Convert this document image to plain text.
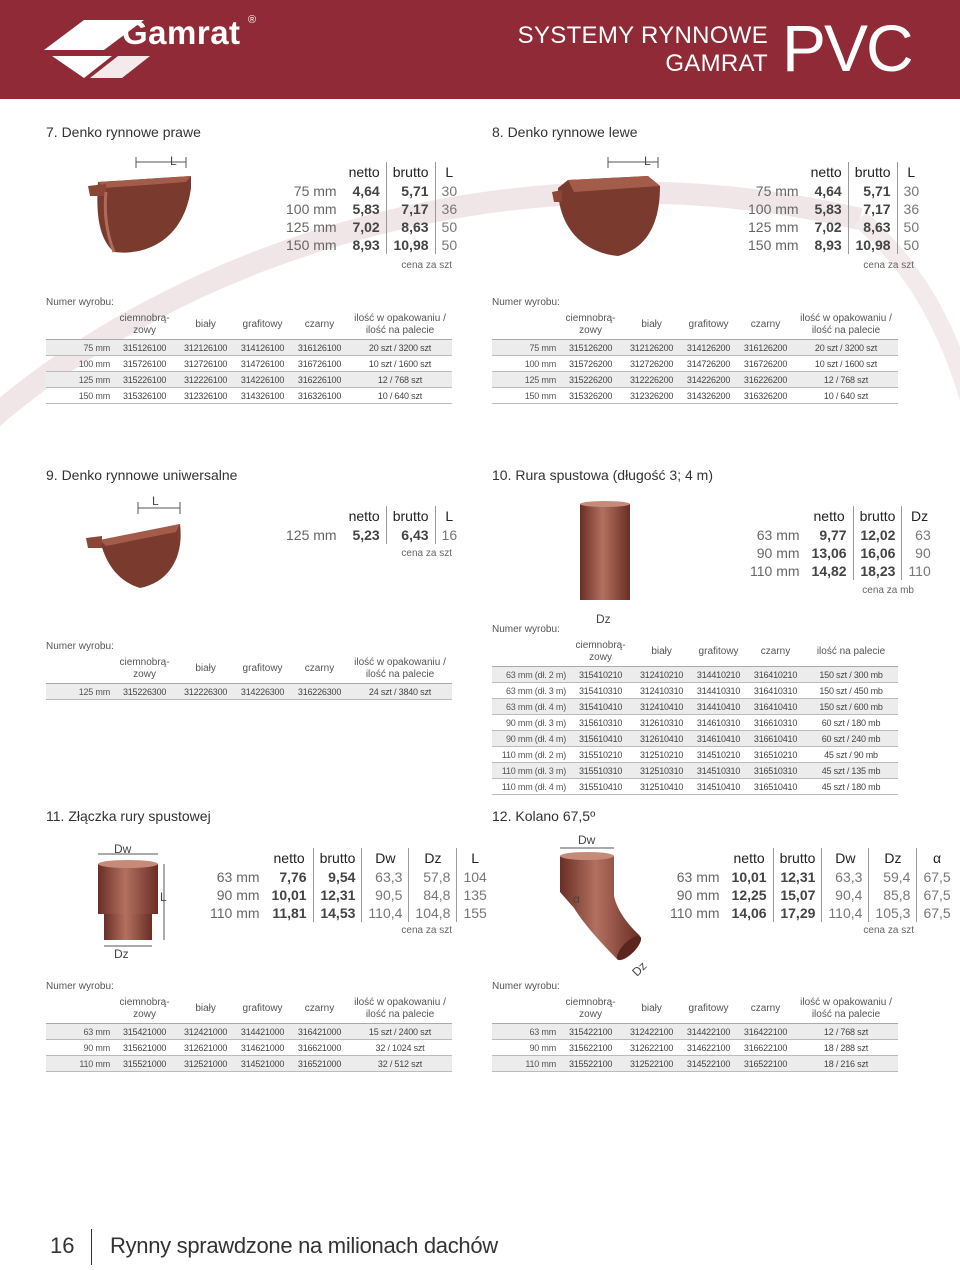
Gamrat ®
SYSTEMY RYNNOWE
GAMRAT PVC
7. Denko rynnowe prawe
L
	netto	brutto	L
75 mm	4,64	5,71	30
100 mm	5,83	7,17	36
125 mm	7,02	8,63	50
150 mm	8,93	10,98	50
cena za szt
Numer wyrobu:
	ciemnobrą-
zowy	biały	grafitowy	czarny	ilość w opakowaniu /
ilość na palecie
75 mm	315126100	312126100	314126100	316126100	20 szt / 3200 szt
100 mm	315726100	312726100	314726100	316726100	10 szt / 1600 szt
125 mm	315226100	312226100	314226100	316226100	12 / 768 szt
150 mm	315326100	312326100	314326100	316326100	10 / 640 szt
8. Denko rynnowe lewe
L
	netto	brutto	L
75 mm	4,64	5,71	30
100 mm	5,83	7,17	36
125 mm	7,02	8,63	50
150 mm	8,93	10,98	50
cena za szt
Numer wyrobu:
	ciemnobrą-
zowy	biały	grafitowy	czarny	ilość w opakowaniu /
ilość na palecie
75 mm	315126200	312126200	314126200	316126200	20 szt / 3200 szt
100 mm	315726200	312726200	314726200	316726200	10 szt / 1600 szt
125 mm	315226200	312226200	314226200	316226200	12 / 768 szt
150 mm	315326200	312326200	314326200	316326200	10 / 640 szt
9. Denko rynnowe uniwersalne
L
	netto	brutto	L
125 mm	5,23	6,43	16
cena za szt
Numer wyrobu:
	ciemnobrą-
zowy	biały	grafitowy	czarny	ilość w opakowaniu /
ilość na palecie
125 mm	315226300	312226300	314226300	316226300	24 szt / 3840 szt
10. Rura spustowa (długość 3; 4 m)
Dz
	netto	brutto	Dz
63 mm	9,77	12,02	63
90 mm	13,06	16,06	90
110 mm	14,82	18,23	110
cena za mb
Numer wyrobu:
	ciemnobrą-
zowy	biały	grafitowy	czarny	ilość na palecie
63 mm (dł. 2 m)	315410210	312410210	314410210	316410210	150 szt / 300 mb
63 mm (dł. 3 m)	315410310	312410310	314410310	316410310	150 szt / 450 mb
63 mm (dł. 4 m)	315410410	312410410	314410410	316410410	150 szt / 600 mb
90 mm (dł. 3 m)	315610310	312610310	314610310	316610310	60 szt / 180 mb
90 mm (dł. 4 m)	315610410	312610410	314610410	316610410	60 szt / 240 mb
110 mm (dł. 2 m)	315510210	312510210	314510210	316510210	45 szt / 90 mb
110 mm (dł. 3 m)	315510310	312510310	314510310	316510310	45 szt / 135 mb
110 mm (dł. 4 m)	315510410	312510410	314510410	316510410	45 szt / 180 mb
11. Złączka rury spustowej
Dw
L
Dz
	netto	brutto	Dw	Dz	L
63 mm	7,76	9,54	63,3	57,8	104
90 mm	10,01	12,31	90,5	84,8	135
110 mm	11,81	14,53	110,4	104,8	155
cena za szt
Numer wyrobu:
	ciemnobrą-
zowy	biały	grafitowy	czarny	ilość w opakowaniu /
ilość na palecie
63 mm	315421000	312421000	314421000	316421000	15 szt / 2400 szt
90 mm	315621000	312621000	314621000	316621000	32 / 1024 szt
110 mm	315521000	312521000	314521000	316521000	32 / 512 szt
12. Kolano 67,5º
Dw
α
Dz
	netto	brutto	Dw	Dz	α
63 mm	10,01	12,31	63,3	59,4	67,5
90 mm	12,25	15,07	90,4	85,8	67,5
110 mm	14,06	17,29	110,4	105,3	67,5
cena za szt
Numer wyrobu:
	ciemnobrą-
zowy	biały	grafitowy	czarny	ilość w opakowaniu /
ilość na palecie
63 mm	315422100	312422100	314422100	316422100	12 / 768 szt
90 mm	315622100	312622100	314622100	316622100	18 / 288 szt
110 mm	315522100	312522100	314522100	316522100	18 / 216 szt
16 Rynny sprawdzone na milionach dachów
